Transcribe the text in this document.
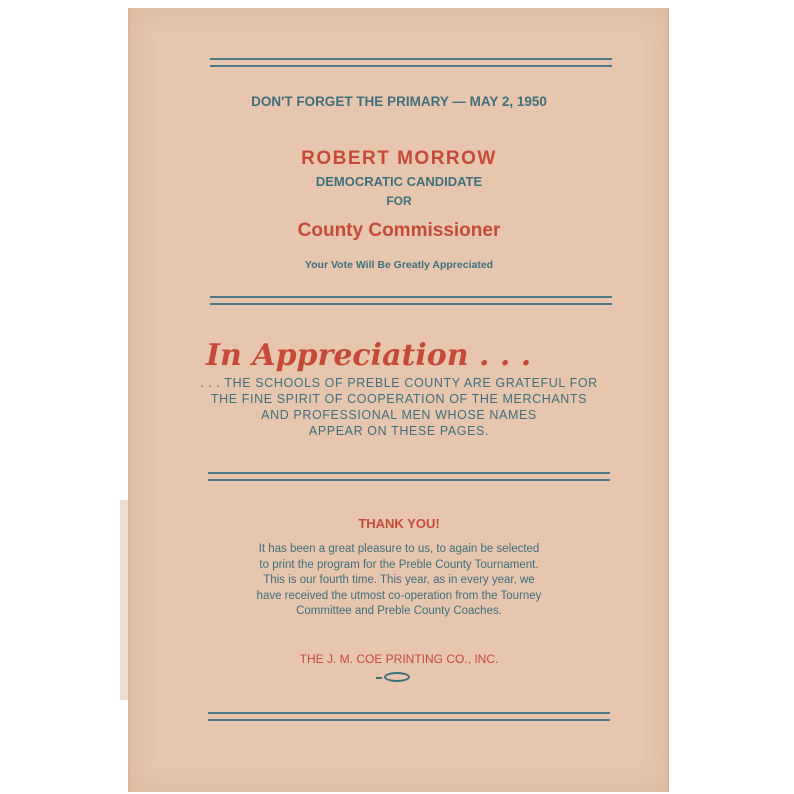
DON'T FORGET THE PRIMARY — MAY 2, 1950
ROBERT MORROW
DEMOCRATIC CANDIDATE
FOR
County Commissioner
Your Vote Will Be Greatly Appreciated
In Appreciation . . .
. . . THE SCHOOLS OF PREBLE COUNTY ARE GRATEFUL FOR
THE FINE SPIRIT OF COOPERATION OF THE MERCHANTS
AND PROFESSIONAL MEN WHOSE NAMES
APPEAR ON THESE PAGES.
THANK YOU!
It has been a great pleasure to us, to again be selected
to print the program for the Preble County Tournament.
This is our fourth time. This year, as in every year, we
have received the utmost co-operation from the Tourney
Committee and Preble County Coaches.
THE J. M. COE PRINTING CO., INC.
